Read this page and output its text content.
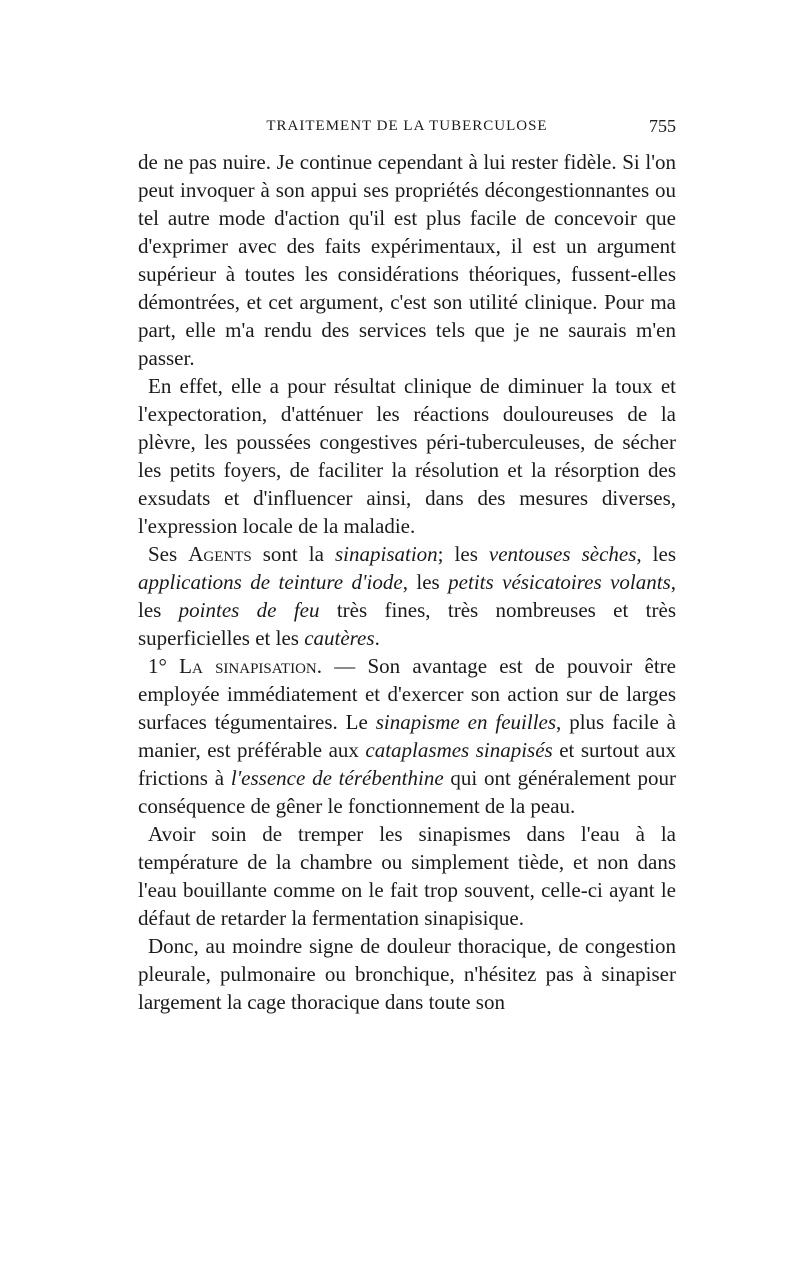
TRAITEMENT DE LA TUBERCULOSE	755

de ne pas nuire. Je continue cependant à lui rester fidèle. Si l'on peut invoquer à son appui ses propriétés décongestionnantes ou tel autre mode d'action qu'il est plus facile de concevoir que d'exprimer avec des faits expérimentaux, il est un argument supérieur à toutes les considérations théoriques, fussent-elles démontrées, et cet argument, c'est son utilité clinique. Pour ma part, elle m'a rendu des services tels que je ne saurais m'en passer.

En effet, elle a pour résultat clinique de diminuer la toux et l'expectoration, d'atténuer les réactions douloureuses de la plèvre, les poussées congestives péri-tuberculeuses, de sécher les petits foyers, de faciliter la résolution et la résorption des exsudats et d'influencer ainsi, dans des mesures diverses, l'expression locale de la maladie.

Ses Agents sont la sinapisation; les ventouses sèches, les applications de teinture d'iode, les petits vésicatoires volants, les pointes de feu très fines, très nombreuses et très superficielles et les cautères.

1° La sinapisation. — Son avantage est de pouvoir être employée immédiatement et d'exercer son action sur de larges surfaces tégumentaires. Le sinapisme en feuilles, plus facile à manier, est préférable aux cataplasmes sinapisés et surtout aux frictions à l'essence de térébenthine qui ont généralement pour conséquence de gêner le fonctionnement de la peau.

Avoir soin de tremper les sinapismes dans l'eau à la température de la chambre ou simplement tiède, et non dans l'eau bouillante comme on le fait trop souvent, celle-ci ayant le défaut de retarder la fermentation sinapisique.

Donc, au moindre signe de douleur thoracique, de congestion pleurale, pulmonaire ou bronchique, n'hésitez pas à sinapiser largement la cage thoracique dans toute son
